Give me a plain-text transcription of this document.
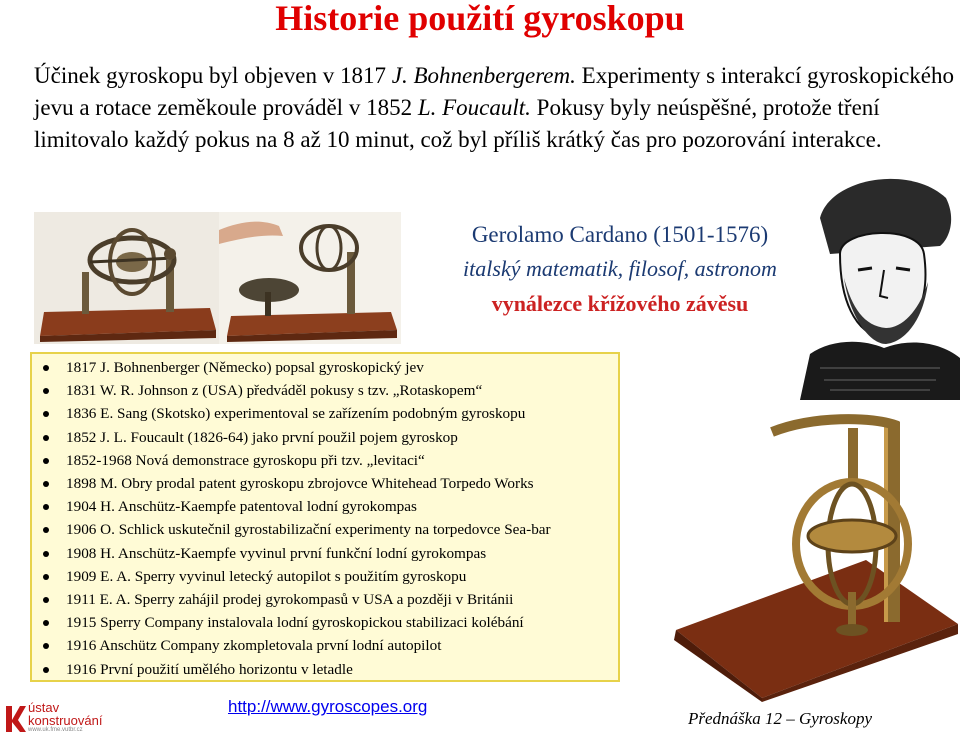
Historie použití gyroskopu
Účinek gyroskopu byl objeven v 1817 J. Bohnenbergerem. Experimenty s interakcí gyroskopického jevu a rotace zeměkoule prováděl v 1852 L. Foucault. Pokusy byly neúspěšné, protože tření limitovalo každý pokus na 8 až 10 minut, což byl příliš krátký čas pro pozorování interakce.
Gerolamo Cardano (1501-1576)
italský matematik, filosof, astronom
vynálezce křížového závěsu
1817 J. Bohnenberger (Německo) popsal gyroskopický jev
1831 W. R. Johnson z (USA) předváděl pokusy s tzv. „Rotaskopem“
1836 E. Sang (Skotsko) experimentoval se zařízením podobným gyroskopu
1852 J. L. Foucault (1826-64) jako první použil pojem gyroskop
1852-1968 Nová demonstrace gyroskopu při tzv. „levitaci“
1898 M. Obry prodal patent gyroskopu zbrojovce Whitehead Torpedo Works
1904 H. Anschütz-Kaempfe patentoval lodní gyrokompas
1906 O. Schlick uskutečnil gyrostabilizační experimenty na torpedovce Sea-bar
1908 H. Anschütz-Kaempfe vyvinul první funkční lodní gyrokompas
1909 E. A. Sperry vyvinul letecký autopilot s použitím gyroskopu
1911 E. A. Sperry zahájil prodej gyrokompasů v USA a později v Británii
1915 Sperry Company instalovala lodní gyroskopickou stabilizaci kolébání
1916 Anschütz Company zkompletovala první lodní autopilot
1916 První použití umělého horizontu v letadle
http://www.gyroscopes.org
Přednáška 12 – Gyroskopy
ústav
konstruování
www.uk.fme.vutbr.cz
